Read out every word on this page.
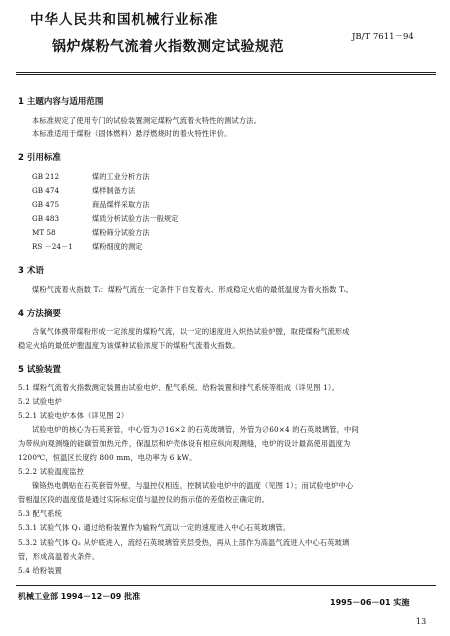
中华人民共和国机械行业标准
JB/T 7611－94
锅炉煤粉气流着火指数测定试验规范
1 主题内容与适用范围
本标准规定了使用专门的试验装置测定煤粉气流着火特性的测试方法。
本标准适用于煤粉（固体燃料）悬浮燃烧时的着火特性评价。
2 引用标准
GB 212	煤的工业分析方法
GB 474	煤样制备方法
GB 475	商品煤样采取方法
GB 483	煤质分析试验方法一般规定
MT 58	煤粉筛分试验方法
RS －24－1	煤粉细度的测定
3 术语
煤粉气流着火指数 Tᵢ：煤粉气流在一定条件下自发着火、形成稳定火焰的最低温度为着火指数 Tᵢ。
4 方法摘要
含氧气体携带煤粉形成一定浓度的煤粉气流，以一定的速度进入炽热试验炉膛，取使煤粉气流形成
稳定火焰的最低炉膛温度为该煤种试验浓度下的煤粉气流着火指数。
5 试验装置
5.1 煤粉气流着火指数测定装置由试验电炉、配气系统、给粉装置和排气系统等组成（详见图 1）。
5.2 试验电炉
5.2.1 试验电炉本体（详见图 2）
试验电炉的核心为石英套管，中心管为∅16×2 的石英玻璃管，外管为∅60×4 的石英玻璃管，中间
为带纵向观测缝的硅碳管加热元件，保温层和炉壳体设有相应纵向观测缝，电炉的设计最高使用温度为
1200℃，恒温区长度约 800 mm，电功率为 6 kW。
5.2.2 试验温度监控
镍铬热电偶贴在石英套管外壁，与温控仪相连，控制试验电炉中的温度（见图 1）；而试验电炉中心
管相温区段的温度值是通过实际标定值与温控仪的指示值的差值校正确定的。
5.3 配气系统
5.3.1 试验气体 Q₁ 通过给粉装置作为输粉气流以一定的速度进入中心石英玻璃管。
5.3.2 试验气体 Q₂ 从炉底进入，流经石英玻璃管夹层受热，再从上部作为高温气流进入中心石英玻璃
管，形成高温着火条件。
5.4 给粉装置
机械工业部 1994－12－09 批准
1995－06－01 实施
13
